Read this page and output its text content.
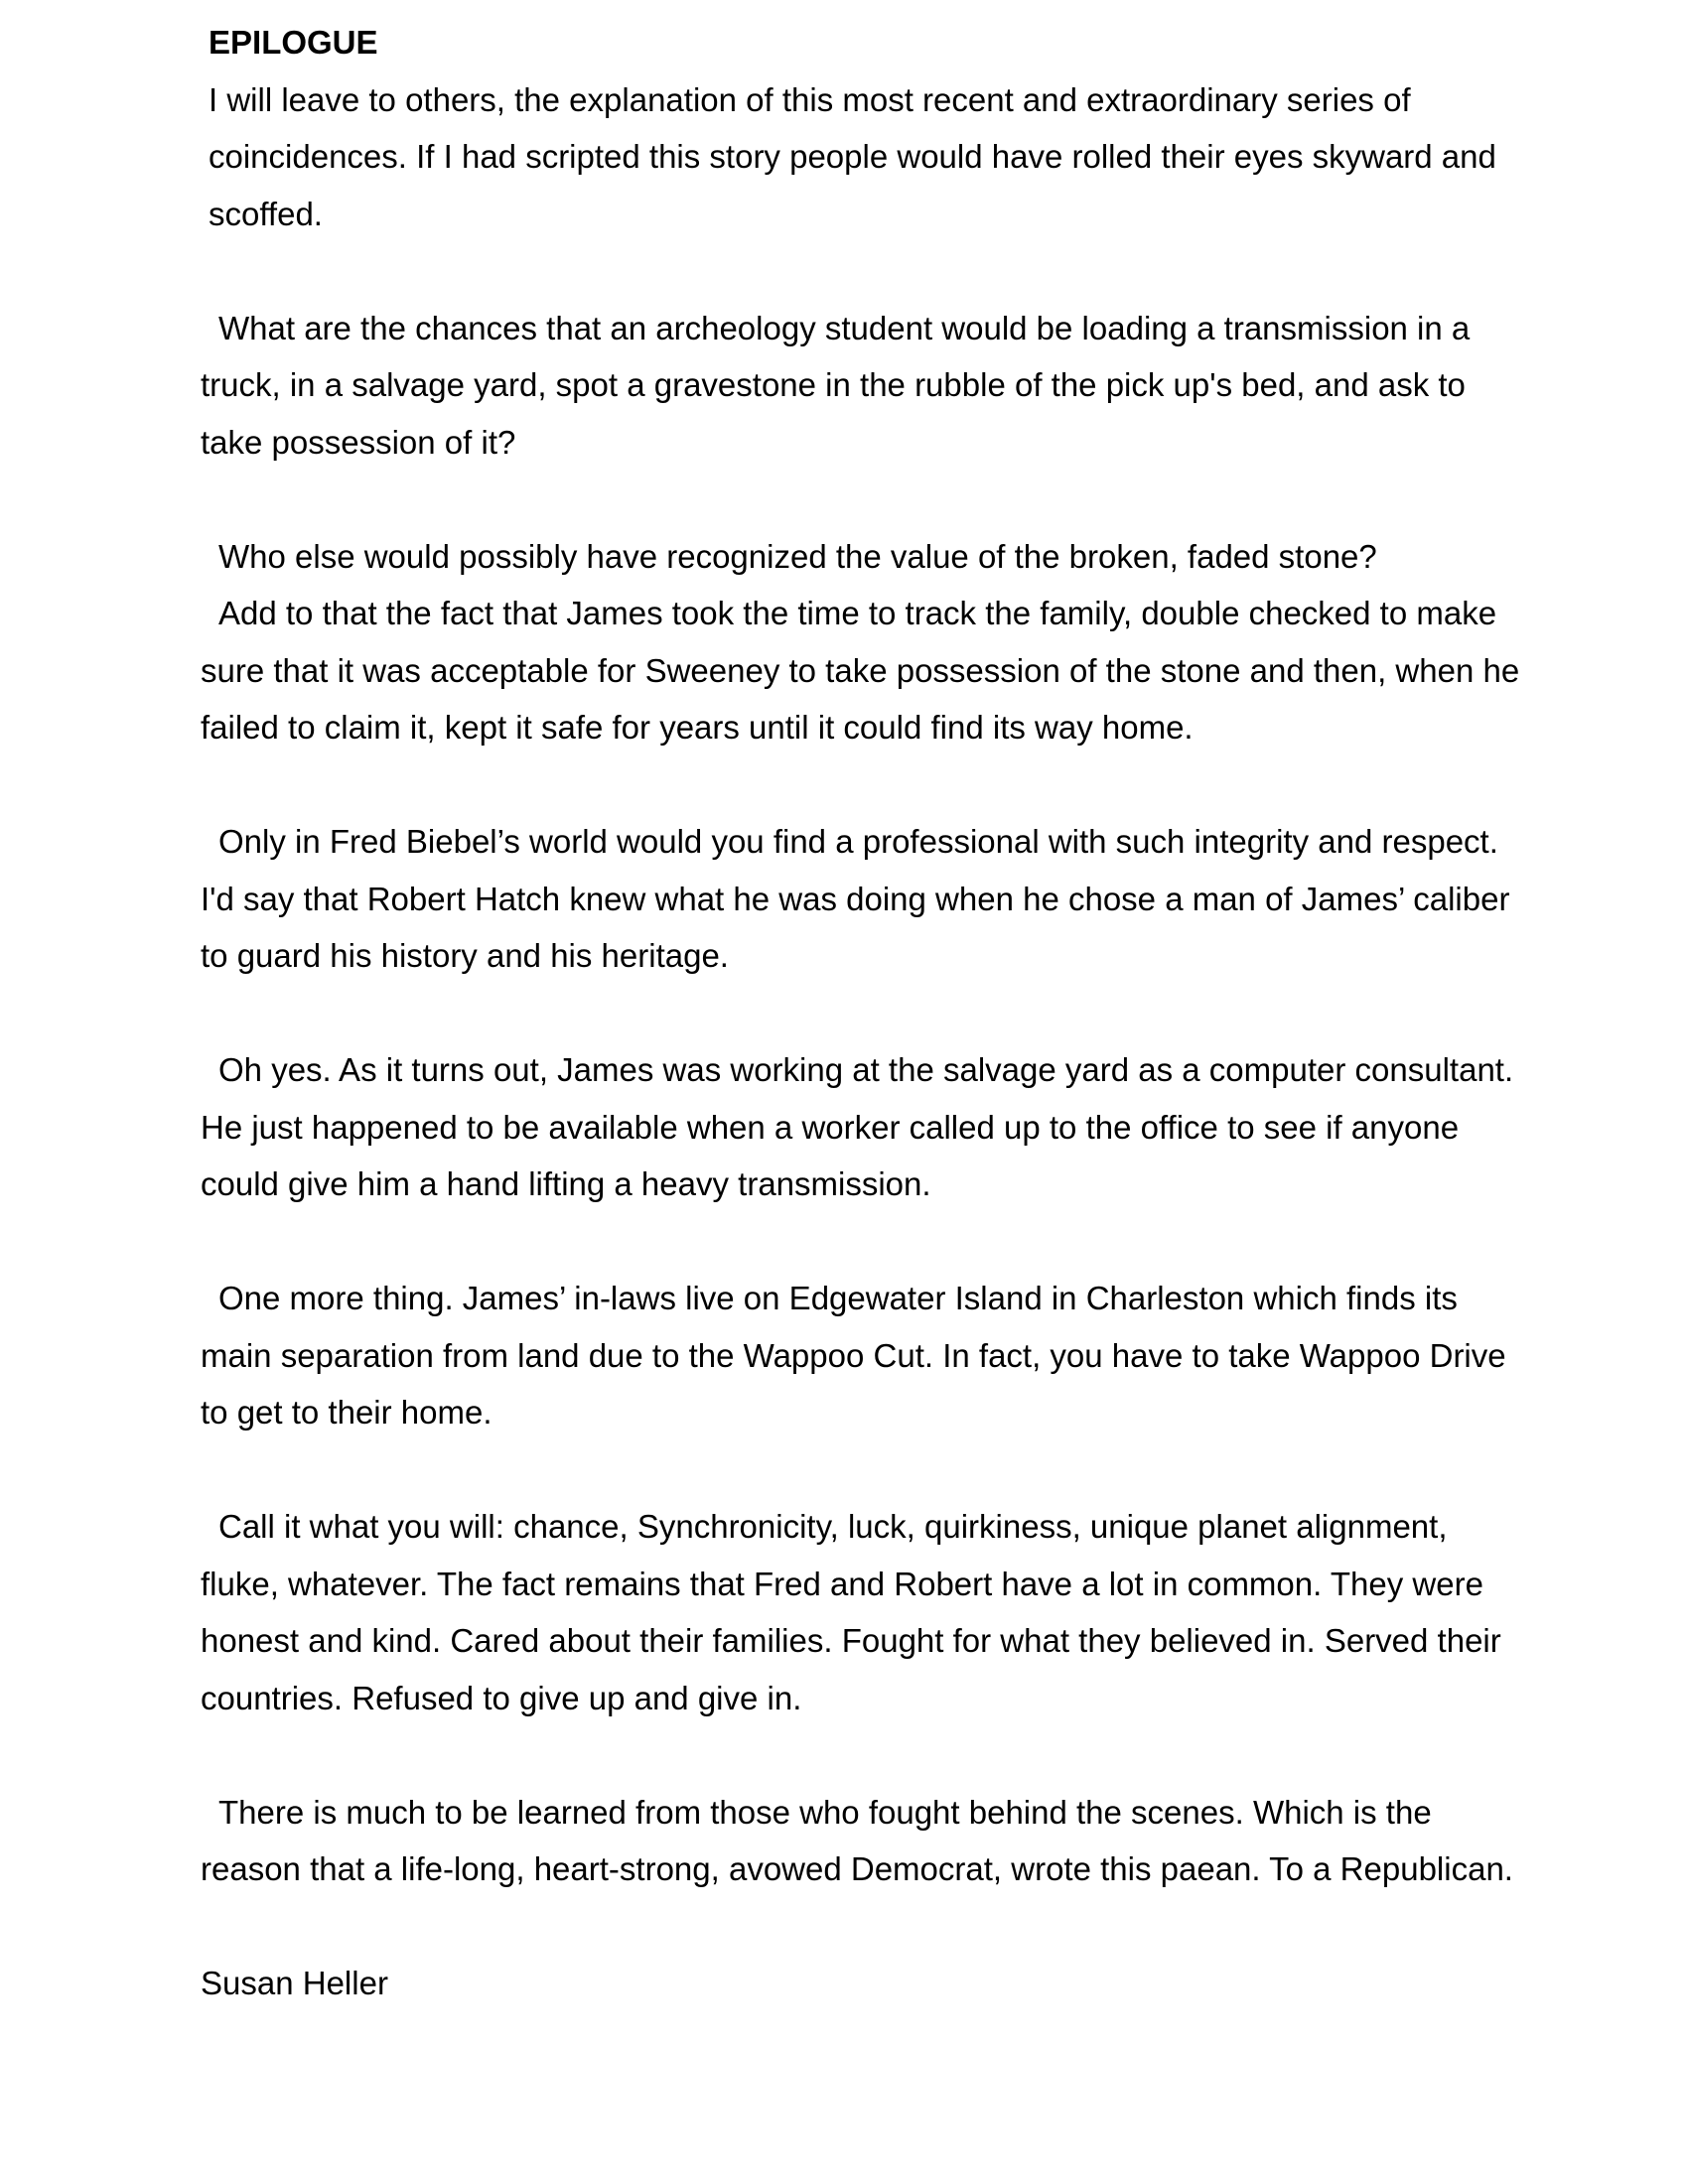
EPILOGUE

I will leave to others, the explanation of this most recent and extraordinary series of coincidences. If I had scripted this story people would have rolled their eyes skyward and scoffed.

What are the chances that an archeology student would be loading a transmission in a truck, in a salvage yard, spot a gravestone in the rubble of the pick up's bed, and ask to take possession of it?

Who else would possibly have recognized the value of the broken, faded stone?

Add to that the fact that James took the time to track the family, double checked to make sure that it was acceptable for Sweeney to take possession of the stone and then, when he failed to claim it, kept it safe for years until it could find its way home.

Only in Fred Biebel’s world would you find a professional with such integrity and respect. I'd say that Robert Hatch knew what he was doing when he chose a man of James’ caliber to guard his history and his heritage.

Oh yes. As it turns out, James was working at the salvage yard as a computer consultant. He just happened to be available when a worker called up to the office to see if anyone could give him a hand lifting a heavy transmission.

One more thing. James’ in-laws live on Edgewater Island in Charleston which finds its main separation from land due to the Wappoo Cut. In fact, you have to take Wappoo Drive to get to their home.

Call it what you will: chance, Synchronicity, luck, quirkiness, unique planet alignment, fluke, whatever. The fact remains that Fred and Robert have a lot in common. They were honest and kind. Cared about their families. Fought for what they believed in. Served their countries. Refused to give up and give in.

There is much to be learned from those who fought behind the scenes. Which is the reason that a life-long, heart-strong, avowed Democrat, wrote this paean. To a Republican.

Susan Heller
